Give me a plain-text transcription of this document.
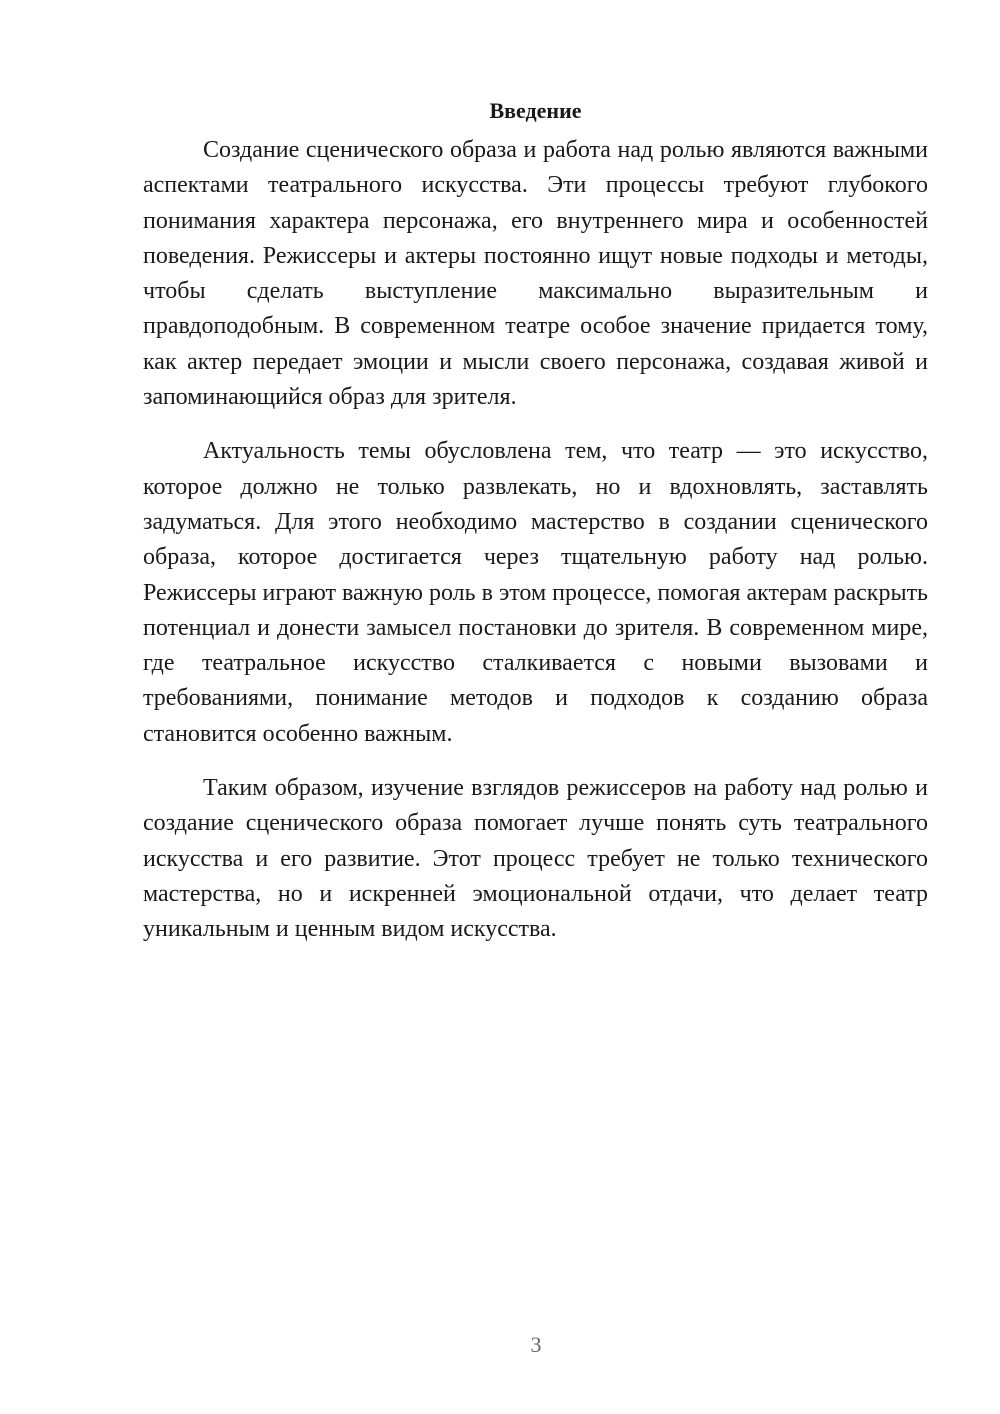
Введение

Создание сценического образа и работа над ролью являются важными аспектами театрального искусства. Эти процессы требуют глубокого понимания характера персонажа, его внутреннего мира и особенностей поведения. Режиссеры и актеры постоянно ищут новые подходы и методы, чтобы сделать выступление максимально выразительным и правдоподобным. В современном театре особое значение придается тому, как актер передает эмоции и мысли своего персонажа, создавая живой и запоминающийся образ для зрителя.

Актуальность темы обусловлена тем, что театр — это искусство, которое должно не только развлекать, но и вдохновлять, заставлять задуматься. Для этого необходимо мастерство в создании сценического образа, которое достигается через тщательную работу над ролью. Режиссеры играют важную роль в этом процессе, помогая актерам раскрыть потенциал и донести замысел постановки до зрителя. В современном мире, где театральное искусство сталкивается с новыми вызовами и требованиями, понимание методов и подходов к созданию образа становится особенно важным.

Таким образом, изучение взглядов режиссеров на работу над ролью и создание сценического образа помогает лучше понять суть театрального искусства и его развитие. Этот процесс требует не только технического мастерства, но и искренней эмоциональной отдачи, что делает театр уникальным и ценным видом искусства.

3
